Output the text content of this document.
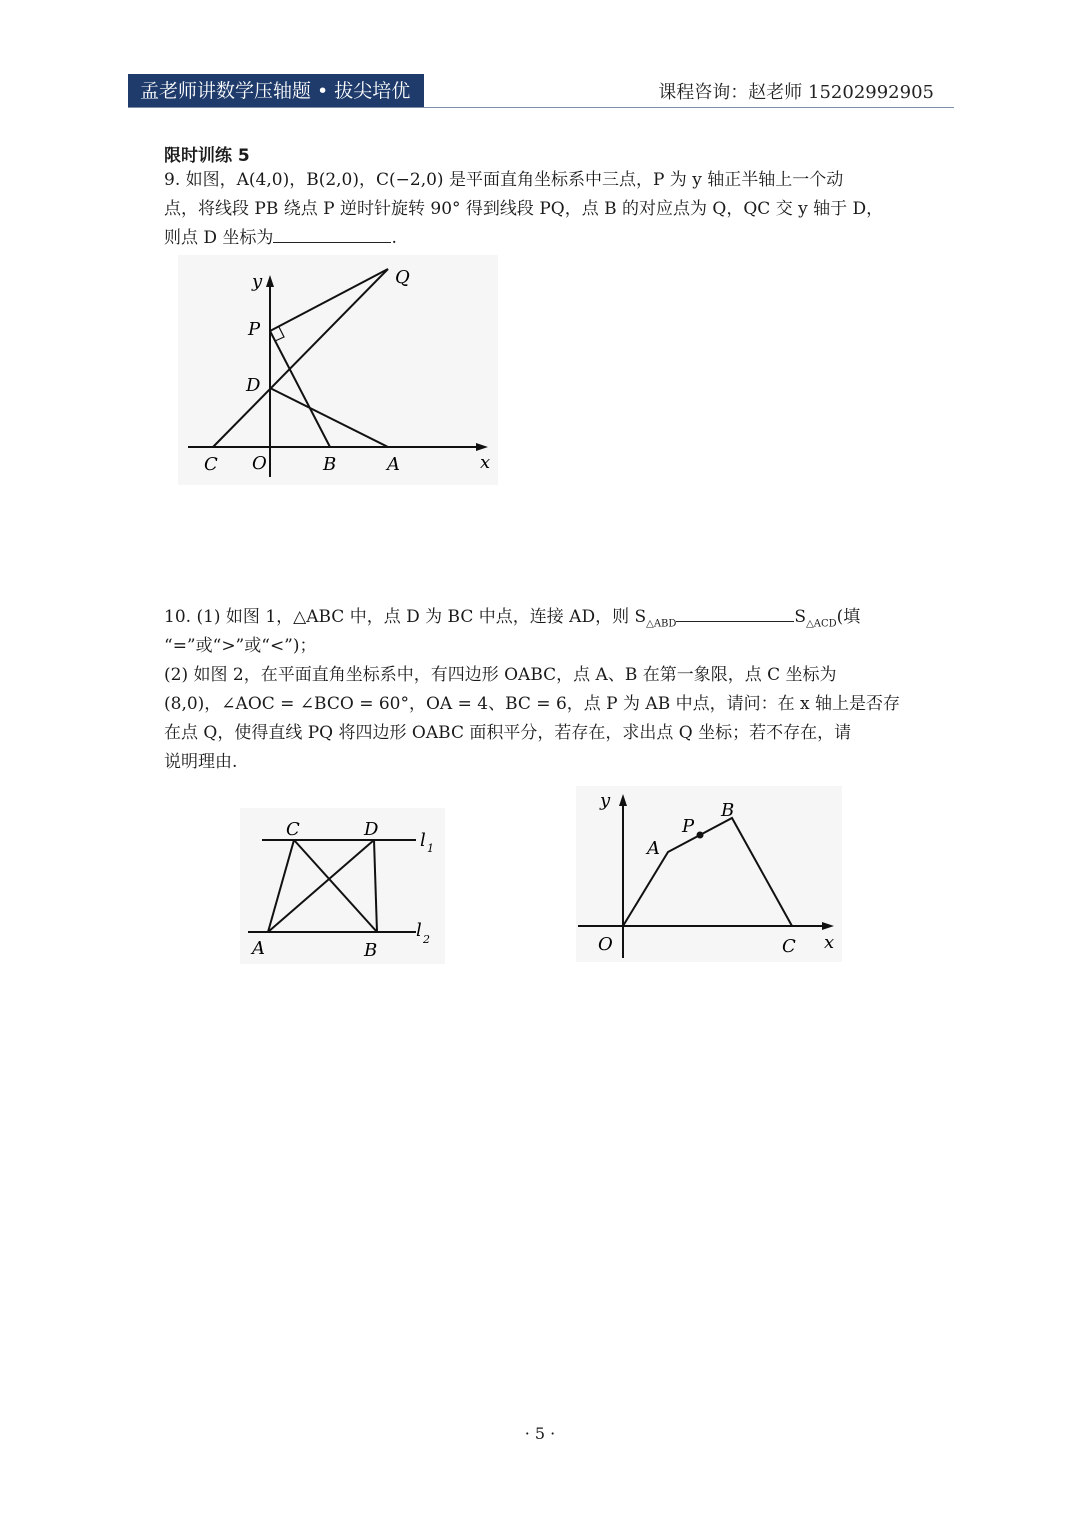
孟老师讲数学压轴题 • 拔尖培优	课程咨询：赵老师 15202992905
限时训练 5
9. 如图，A(4,0)，B(2,0)，C(−2,0) 是平面直角坐标系中三点，P 为 y 轴正半轴上一个动
点，将线段 PB 绕点 P 逆时针旋转 90° 得到线段 PQ，点 B 的对应点为 Q，QC 交 y 轴于 D，
则点 D 坐标为	.
y	Q
P
D
C O	B	A	x
10. (1) 如图 1，△ABC 中，点 D 为 BC 中点，连接 AD，则 $S_{\triangle ABD}$	$S_{\triangle ACD}$(填
“=”或“>”或“<”)；
(2) 如图 2，在平面直角坐标系中，有四边形 OABC，点 A、B 在第一象限，点 C 坐标为
(8,0)，∠AOC = ∠BCO = 60°，OA = 4、BC = 6，点 P 为 AB 中点，请问：在 x 轴上是否存
在点 Q，使得直线 PQ 将四边形 OABC 面积平分，若存在，求出点 Q 坐标；若不存在，请
说明理由.
C	D
A	B
l 1
l 2
y
A
P
B
O	C x
· 5 ·
